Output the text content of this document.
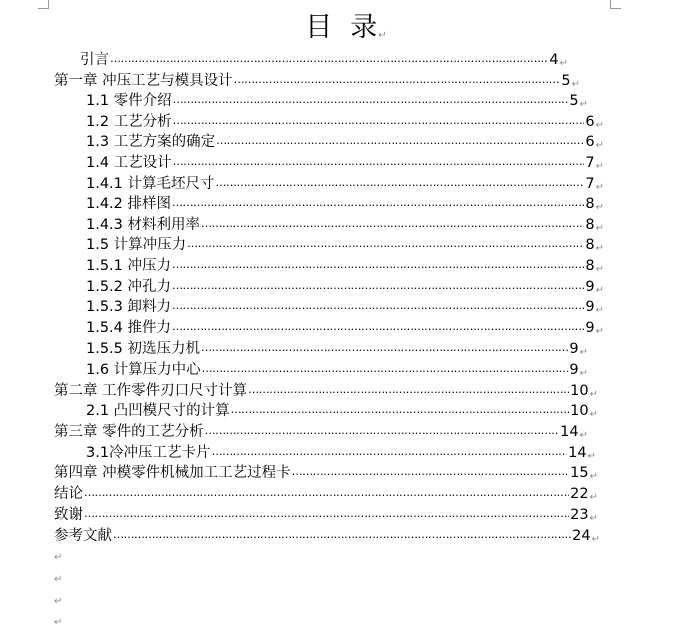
目 录↵
引言 …………………………………………………………………………………………………………………………………………………………………………………………………………………………………………	4 ↵
第一章 冲压工艺与模具设计 …………………………………………………………………………………………………………………………………………………………………………………………………………………………………………	5 ↵
1.1 零件介绍 …………………………………………………………………………………………………………………………………………………………………………………………………………………………………………	5 ↵
1.2 工艺分析 …………………………………………………………………………………………………………………………………………………………………………………………………………………………………………	6 ↵
1.3 工艺方案的确定 …………………………………………………………………………………………………………………………………………………………………………………………………………………………………………	6 ↵
1.4 工艺设计 …………………………………………………………………………………………………………………………………………………………………………………………………………………………………………	7 ↵
1.4.1 计算毛坯尺寸 …………………………………………………………………………………………………………………………………………………………………………………………………………………………………………	7 ↵
1.4.2 排样图 …………………………………………………………………………………………………………………………………………………………………………………………………………………………………………	8 ↵
1.4.3 材料利用率 …………………………………………………………………………………………………………………………………………………………………………………………………………………………………………	8 ↵
1.5 计算冲压力 …………………………………………………………………………………………………………………………………………………………………………………………………………………………………………	8 ↵
1.5.1 冲压力 …………………………………………………………………………………………………………………………………………………………………………………………………………………………………………	8 ↵
1.5.2 冲孔力 …………………………………………………………………………………………………………………………………………………………………………………………………………………………………………	9 ↵
1.5.3 卸料力 …………………………………………………………………………………………………………………………………………………………………………………………………………………………………………	9 ↵
1.5.4 推件力 …………………………………………………………………………………………………………………………………………………………………………………………………………………………………………	9 ↵
1.5.5 初选压力机 …………………………………………………………………………………………………………………………………………………………………………………………………………………………………………	9 ↵
1.6 计算压力中心 …………………………………………………………………………………………………………………………………………………………………………………………………………………………………………	9 ↵
第二章 工作零件刃口尺寸计算 …………………………………………………………………………………………………………………………………………………………………………………………………………………………………………	10 ↵
2.1 凸凹模尺寸的计算 …………………………………………………………………………………………………………………………………………………………………………………………………………………………………………	10 ↵
第三章 零件的工艺分析 …………………………………………………………………………………………………………………………………………………………………………………………………………………………………………	14 ↵
3.1冷冲压工艺卡片 …………………………………………………………………………………………………………………………………………………………………………………………………………………………………………	14 ↵
第四章 冲模零件机械加工工艺过程卡 …………………………………………………………………………………………………………………………………………………………………………………………………………………………………………	15 ↵
结论 …………………………………………………………………………………………………………………………………………………………………………………………………………………………………………	22 ↵
致谢 …………………………………………………………………………………………………………………………………………………………………………………………………………………………………………	23 ↵
参考文献 …………………………………………………………………………………………………………………………………………………………………………………………………………………………………………	24 ↵
↵
↵
↵
↵
